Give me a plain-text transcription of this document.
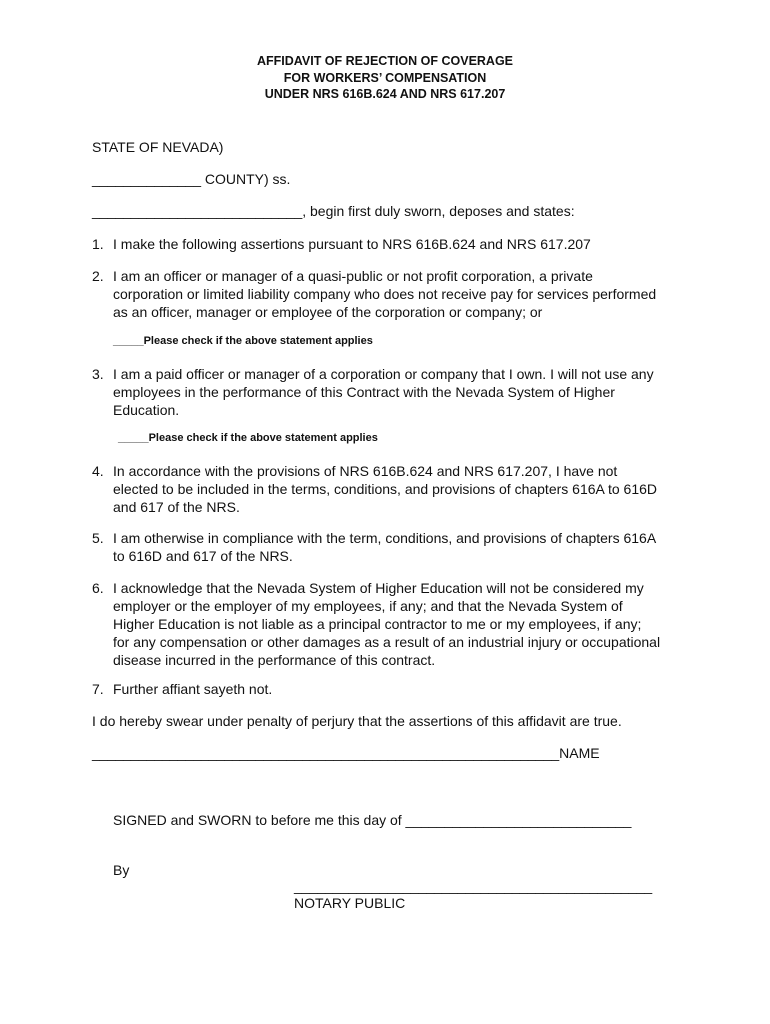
AFFIDAVIT OF REJECTION OF COVERAGE
FOR WORKERS’ COMPENSATION
UNDER NRS 616B.624 AND NRS 617.207
STATE OF NEVADA)
______________ COUNTY) ss.
___________________________, begin first duly sworn, deposes and states:
1. I make the following assertions pursuant to NRS 616B.624 and NRS 617.207
2. I am an officer or manager of a quasi-public or not profit corporation, a private
corporation or limited liability company who does not receive pay for services performed
as an officer, manager or employee of the corporation or company; or
_____Please check if the above statement applies
3. I am a paid officer or manager of a corporation or company that I own. I will not use any
employees in the performance of this Contract with the Nevada System of Higher
Education.
_____Please check if the above statement applies
4. In accordance with the provisions of NRS 616B.624 and NRS 617.207, I have not
elected to be included in the terms, conditions, and provisions of chapters 616A to 616D
and 617 of the NRS.
5. I am otherwise in compliance with the term, conditions, and provisions of chapters 616A
to 616D and 617 of the NRS.
6. I acknowledge that the Nevada System of Higher Education will not be considered my
employer or the employer of my employees, if any; and that the Nevada System of
Higher Education is not liable as a principal contractor to me or my employees, if any;
for any compensation or other damages as a result of an industrial injury or occupational
disease incurred in the performance of this contract.
7. Further affiant sayeth not.
I do hereby swear under penalty of perjury that the assertions of this affidavit are true.
____________________________________________________________NAME
SIGNED and SWORN to before me this day of _____________________________
By
______________________________________________
NOTARY PUBLIC
